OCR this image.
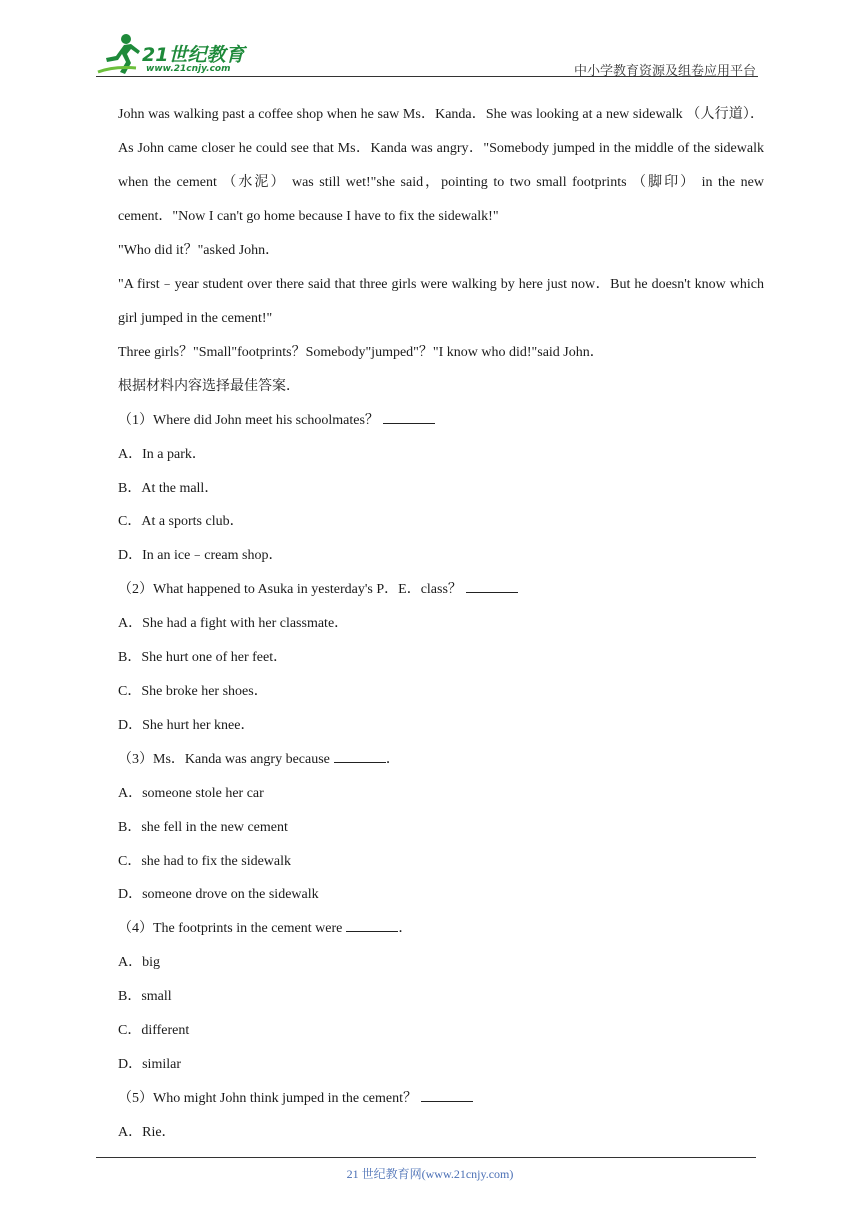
21世纪教育
www.21cnjy.com	中小学教育资源及组卷应用平台

John was walking past a coffee shop when he saw Ms．Kanda．She was looking at a new sidewalk （人行道）．As John came closer he could see that Ms．Kanda was angry．"Somebody jumped in the middle of the sidewalk when the cement （水泥） was still wet!"she said，pointing to two small footprints （脚印） in the new cement．"Now I can't go home because I have to fix the sidewalk!"

"Who did it？"asked John．

"A first﹣year student over there said that three girls were walking by here just now．But he doesn't know which girl jumped in the cement!"

Three girls？"Small"footprints？Somebody"jumped"？"I know who did!"said John．

根据材料内容选择最佳答案．

（1）Where did John meet his schoolmates？

A．In a park．

B．At the mall．

C．At a sports club．

D．In an ice﹣cream shop．

（2）What happened to Asuka in yesterday's P．E．class？

A．She had a fight with her classmate．

B．She hurt one of her feet．

C．She broke her shoes．

D．She hurt her knee．

（3）Ms．Kanda was angry because	．

A．someone stole her car

B．she fell in the new cement

C．she had to fix the sidewalk

D．someone drove on the sidewalk

（4）The footprints in the cement were	．

A．big

B．small

C．different

D．similar

（5）Who might John think jumped in the cement？

A．Rie．

21 世纪教育网(www.21cnjy.com)
